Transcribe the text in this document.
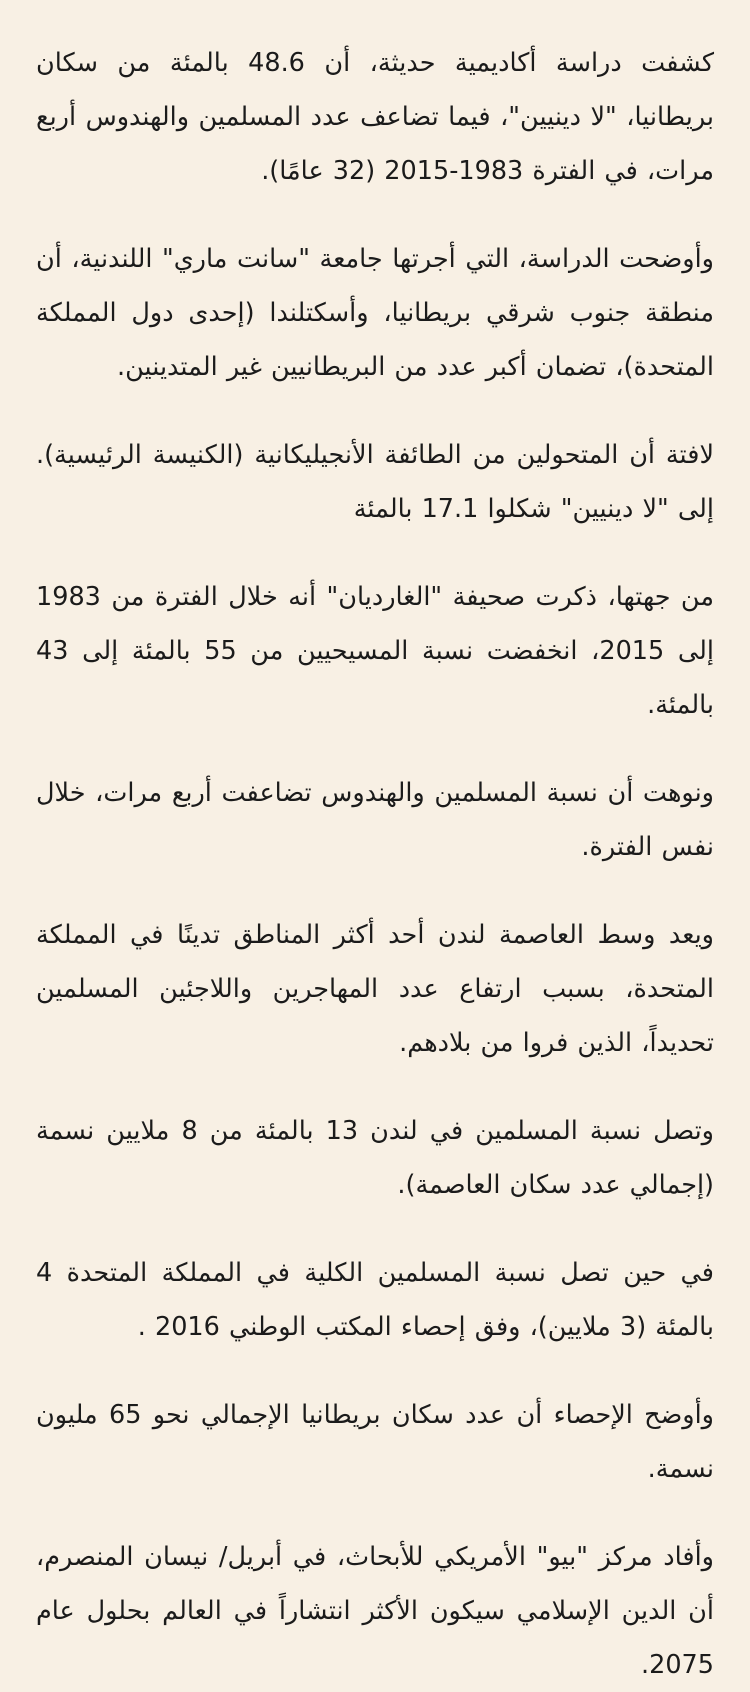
كشفت دراسة أكاديمية حديثة، أن 48.6 بالمئة من سكان بريطانيا، "لا دينيين"، فيما تضاعف عدد المسلمين والهندوس أربع مرات، في الفترة 1983-2015 (32 عامًا).

وأوضحت الدراسة، التي أجرتها جامعة "سانت ماري" اللندنية، أن منطقة جنوب شرقي بريطانيا، وأسكتلندا (إحدى دول المملكة المتحدة)، تضمان أكبر عدد من البريطانيين غير المتدينين.

لافتة أن المتحولين من الطائفة الأنجيليكانية (الكنيسة الرئيسية). إلى "لا دينيين" شكلوا 17.1 بالمئة

من جهتها، ذكرت صحيفة "الغارديان" أنه خلال الفترة من 1983 إلى 2015، انخفضت نسبة المسيحيين من 55 بالمئة إلى 43 بالمئة.

ونوهت أن نسبة المسلمين والهندوس تضاعفت أربع مرات، خلال نفس الفترة.

ويعد وسط العاصمة لندن أحد أكثر المناطق تدينًا في المملكة المتحدة، بسبب ارتفاع عدد المهاجرين واللاجئين المسلمين تحديداً، الذين فروا من بلادهم.

وتصل نسبة المسلمين في لندن 13 بالمئة من 8 ملايين نسمة (إجمالي عدد سكان العاصمة).

في حين تصل نسبة المسلمين الكلية في المملكة المتحدة 4 بالمئة (3 ملايين)، وفق إحصاء المكتب الوطني 2016 .

وأوضح الإحصاء أن عدد سكان بريطانيا الإجمالي نحو 65 مليون نسمة.

وأفاد مركز "بيو" الأمريكي للأبحاث، في أبريل/ نيسان المنصرم، أن الدين الإسلامي سيكون الأكثر انتشاراً في العالم بحلول عام 2075.
